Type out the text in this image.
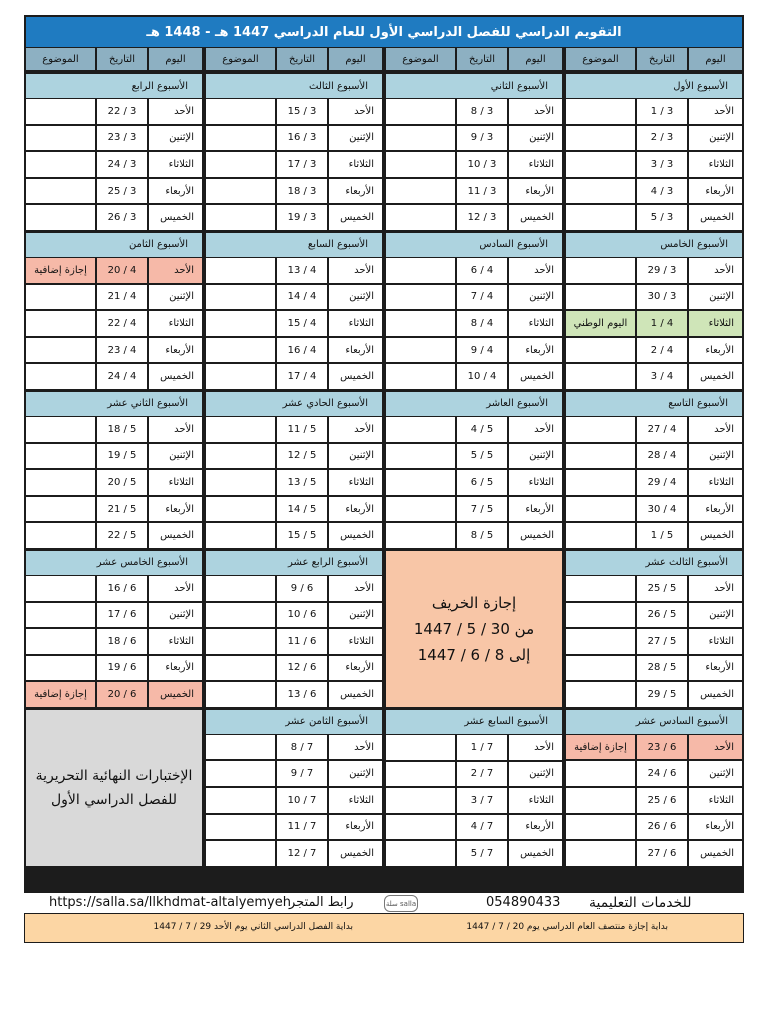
التقويم الدراسي للفصل الدراسي الأول للعام الدراسي 1447 هـ - 1448 هـ
اليوم
التاريخ
الموضوع
الأسبوع الأول
الأحد
3 / 1
الإثنين
3 / 2
الثلاثاء
3 / 3
الأربعاء
3 / 4
الخميس
3 / 5
الأسبوع الخامس
الأحد
3 / 29
الإثنين
3 / 30
الثلاثاء
4 / 1
اليوم الوطني
الأربعاء
4 / 2
الخميس
4 / 3
الأسبوع التاسع
الأحد
4 / 27
الإثنين
4 / 28
الثلاثاء
4 / 29
الأربعاء
4 / 30
الخميس
5 / 1
الأسبوع الثالث عشر
الأحد
5 / 25
الإثنين
5 / 26
الثلاثاء
5 / 27
الأربعاء
5 / 28
الخميس
5 / 29
الأسبوع السادس عشر
الأحد
6 / 23
إجازة إضافية
الإثنين
6 / 24
الثلاثاء
6 / 25
الأربعاء
6 / 26
الخميس
6 / 27
اليوم
التاريخ
الموضوع
الأسبوع الثاني
الأحد
3 / 8
الإثنين
3 / 9
الثلاثاء
3 / 10
الأربعاء
3 / 11
الخميس
3 / 12
الأسبوع السادس
الأحد
4 / 6
الإثنين
4 / 7
الثلاثاء
4 / 8
الأربعاء
4 / 9
الخميس
4 / 10
الأسبوع العاشر
الأحد
5 / 4
الإثنين
5 / 5
الثلاثاء
5 / 6
الأربعاء
5 / 7
الخميس
5 / 8
إجازة الخريف
من 30 / 5 / 1447
إلى 8 / 6 / 1447
الأسبوع السابع عشر
الأحد
7 / 1
الإثنين
7 / 2
الثلاثاء
7 / 3
الأربعاء
7 / 4
الخميس
7 / 5
اليوم
التاريخ
الموضوع
الأسبوع الثالث
الأحد
3 / 15
الإثنين
3 / 16
الثلاثاء
3 / 17
الأربعاء
3 / 18
الخميس
3 / 19
الأسبوع السابع
الأحد
4 / 13
الإثنين
4 / 14
الثلاثاء
4 / 15
الأربعاء
4 / 16
الخميس
4 / 17
الأسبوع الحادي عشر
الأحد
5 / 11
الإثنين
5 / 12
الثلاثاء
5 / 13
الأربعاء
5 / 14
الخميس
5 / 15
الأسبوع الرابع عشر
الأحد
6 / 9
الإثنين
6 / 10
الثلاثاء
6 / 11
الأربعاء
6 / 12
الخميس
6 / 13
الأسبوع الثامن عشر
الأحد
7 / 8
الإثنين
7 / 9
الثلاثاء
7 / 10
الأربعاء
7 / 11
الخميس
7 / 12
اليوم
التاريخ
الموضوع
الأسبوع الرابع
الأحد
3 / 22
الإثنين
3 / 23
الثلاثاء
3 / 24
الأربعاء
3 / 25
الخميس
3 / 26
الأسبوع الثامن
الأحد
4 / 20
إجازة إضافية
الإثنين
4 / 21
الثلاثاء
4 / 22
الأربعاء
4 / 23
الخميس
4 / 24
الأسبوع الثاني عشر
الأحد
5 / 18
الإثنين
5 / 19
الثلاثاء
5 / 20
الأربعاء
5 / 21
الخميس
5 / 22
الأسبوع الخامس عشر
الأحد
6 / 16
الإثنين
6 / 17
الثلاثاء
6 / 18
الأربعاء
6 / 19
الخميس
6 / 20
إجازة إضافية
الإختبارات النهائية التحريرية
للفصل الدراسي الأول
https://salla.sa/llkhdmat-altalyemyeh
رابط المتجر	سلة salla	054890433 للخدمات التعليمية
بداية إجازة منتصف العام الدراسي يوم 20 / 7 / 1447
بداية الفصل الدراسي الثاني يوم الأحد 29 / 7 / 1447
